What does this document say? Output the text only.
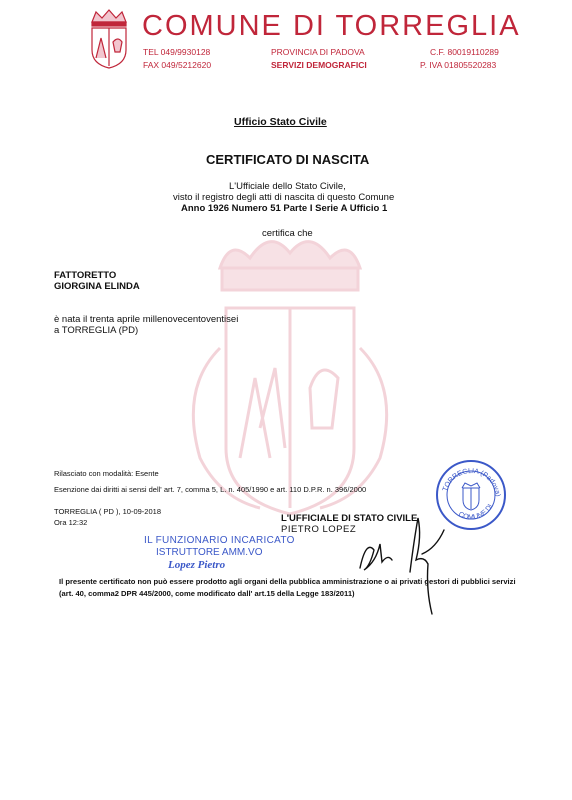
COMUNE DI TORREGLIA
TEL 049/9930128
FAX 049/5212620
PROVINCIA DI PADOVA
SERVIZI DEMOGRAFICI
C.F. 80019110289
P. IVA 01805520283
Ufficio Stato Civile
CERTIFICATO DI NASCITA
L'Ufficiale dello Stato Civile,
visto il registro degli atti di nascita di questo Comune
Anno 1926 Numero 51 Parte I Serie A Ufficio 1
certifica che
FATTORETTO
GIORGINA ELINDA
è nata il trenta aprile millenovecentoventisei
a TORREGLIA (PD)
Rilasciato con modalità: Esente
Esenzione dai diritti ai sensi dell' art. 7, comma 5, L. n. 405/1990 e art. 110 D.P.R. n. 396/2000
TORREGLIA ( PD ), 10-09-2018
Ora 12:32	L'UFFICIALE DI STATO CIVILE
PIETRO LOPEZ
IL FUNZIONARIO INCARICATO
ISTRUTTORE AMM.VO
Lopez Pietro
TORREGLIA (Padova)
COMUNE DI
Il presente certificato non può essere prodotto agli organi della pubblica amministrazione o ai privati gestori di pubblici servizi
(art. 40, comma2 DPR 445/2000, come modificato dall' art.15 della Legge 183/2011)
